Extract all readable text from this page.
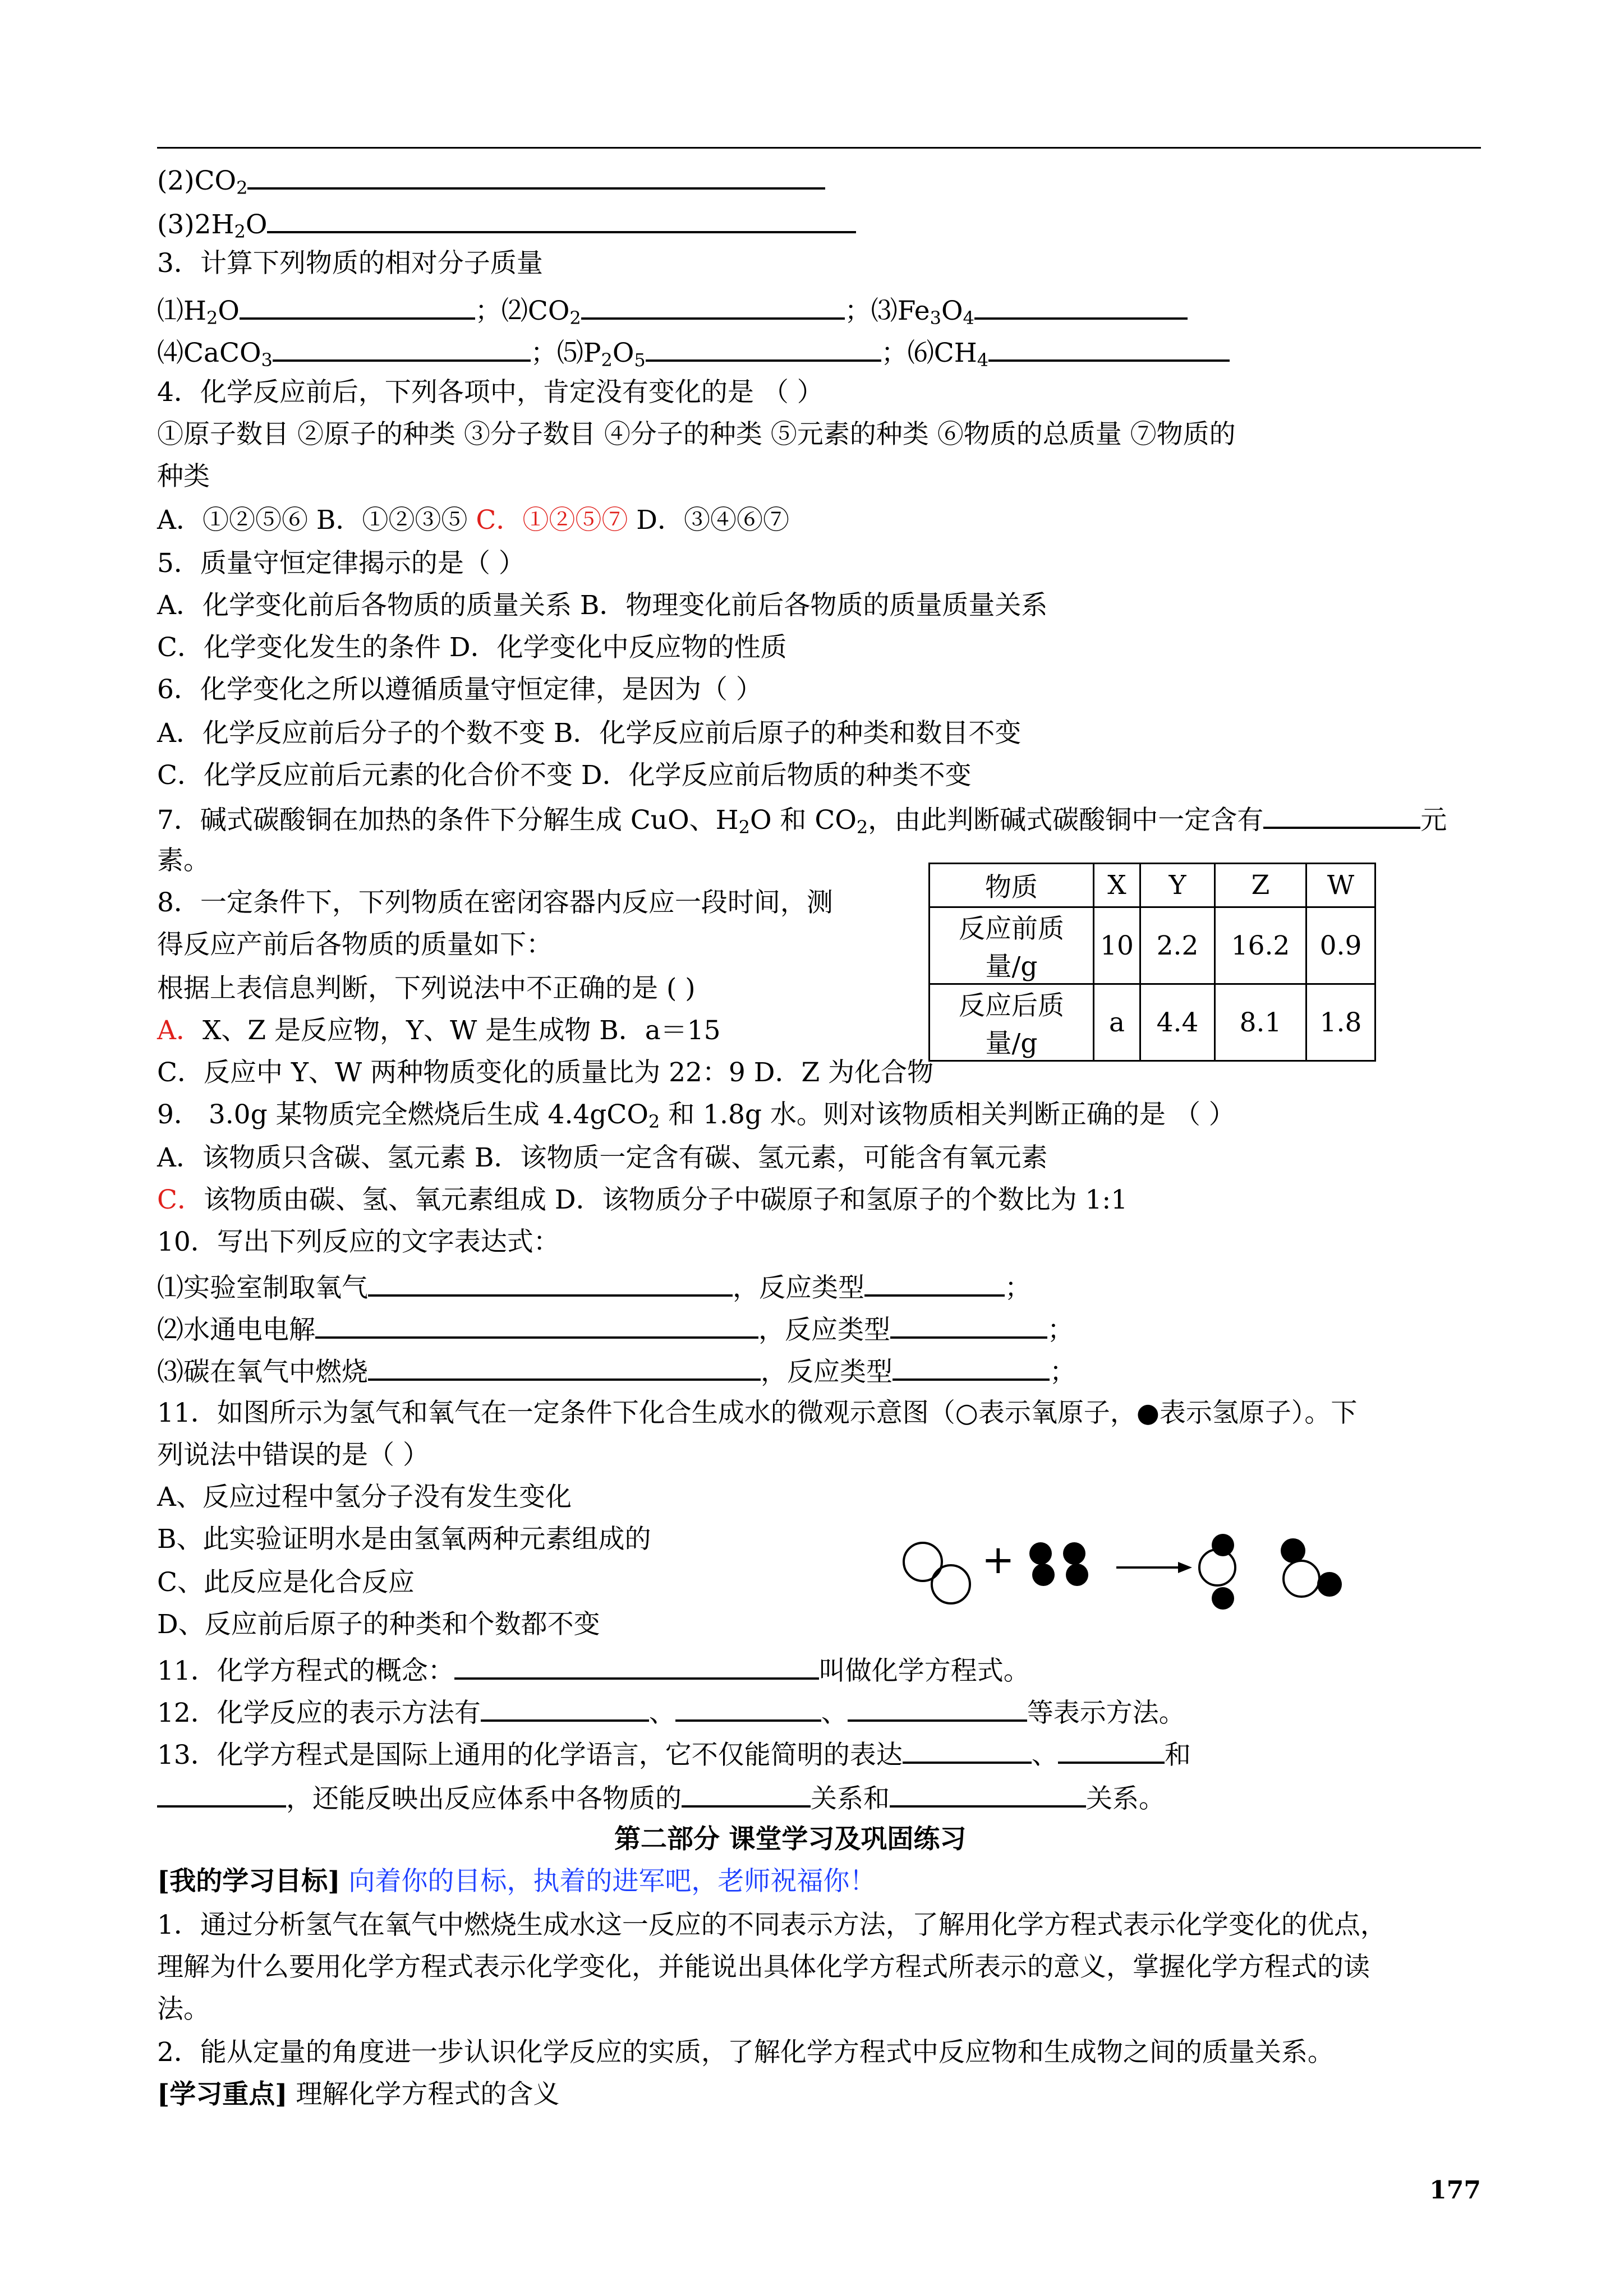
$(2)CO_2$
$(3)2H_2O$
3．计算下列物质的相对分子质量
$⑴H_2O$	；$⑵CO_2$	；$⑶Fe_3O_4$
⑷CaCO$_3$	；$⑸P_2O_5$	；$⑹CH_4$
4．化学反应前后，下列各项中，肯定没有变化的是 （ ）
①原子数目 ②原子的种类 ③分子数目 ④分子的种类 ⑤元素的种类 ⑥物质的总质量 ⑦物质的
种类
A．①②⑤⑥ B．①②③⑤ C．①②⑤⑦ D．③④⑥⑦
5．质量守恒定律揭示的是（ ）
A．化学变化前后各物质的质量关系 B．物理变化前后各物质的质量质量关系
C．化学变化发生的条件 D．化学变化中反应物的性质
6．化学变化之所以遵循质量守恒定律，是因为（ ）
A．化学反应前后分子的个数不变 B．化学反应前后原子的种类和数目不变
C．化学反应前后元素的化合价不变 D．化学反应前后物质的种类不变
7．碱式碳酸铜在加热的条件下分解生成 CuO、$H_2O$ 和 $CO_2$，由此判断碱式碳酸铜中一定含有	元
素。
物质	X	Y	Z	W
反应前质量/g	10	2.2	16.2	0.9
反应后质量/g	a	4.4	8.1	1.8
8．一定条件下，下列物质在密闭容器内反应一段时间，测
得反应产前后各物质的质量如下：
根据上表信息判断，下列说法中不正确的是 ( )
A．X、Z 是反应物，Y、W 是生成物 B．a＝15
C．反应中 Y、W 两种物质变化的质量比为 22：9 D．Z 为化合物
9． 3.0g 某物质完全燃烧后生成 4.4gCO$_2$ 和 1.8g 水。则对该物质相关判断正确的是 （ ）
A．该物质只含碳、氢元素 B．该物质一定含有碳、氢元素，可能含有氧元素
C．该物质由碳、氢、氧元素组成 D．该物质分子中碳原子和氢原子的个数比为 1:1
10．写出下列反应的文字表达式：
⑴实验室制取氧气	，反应类型	；
⑵水通电电解	，反应类型	；
⑶碳在氧气中燃烧	，反应类型	；
11．如图所示为氢气和氧气在一定条件下化合生成水的微观示意图（○表示氧原子，●表示氢原子）。下
列说法中错误的是（ ）
A、反应过程中氢分子没有发生变化
B、此实验证明水是由氢氧两种元素组成的
C、此反应是化合反应
D、反应前后原子的种类和个数都不变
+
11．化学方程式的概念：	叫做化学方程式。
12．化学反应的表示方法有	、	、	等表示方法。
13．化学方程式是国际上通用的化学语言，它不仅能简明的表达	、	和
，还能反映出反应体系中各物质的	关系和	关系。
第二部分 课堂学习及巩固练习
[我的学习目标] 向着你的目标，执着的进军吧，老师祝福你！
1．通过分析氢气在氧气中燃烧生成水这一反应的不同表示方法，了解用化学方程式表示化学变化的优点，
理解为什么要用化学方程式表示化学变化，并能说出具体化学方程式所表示的意义，掌握化学方程式的读
法。
2．能从定量的角度进一步认识化学反应的实质，了解化学方程式中反应物和生成物之间的质量关系。
[学习重点] 理解化学方程式的含义
177
